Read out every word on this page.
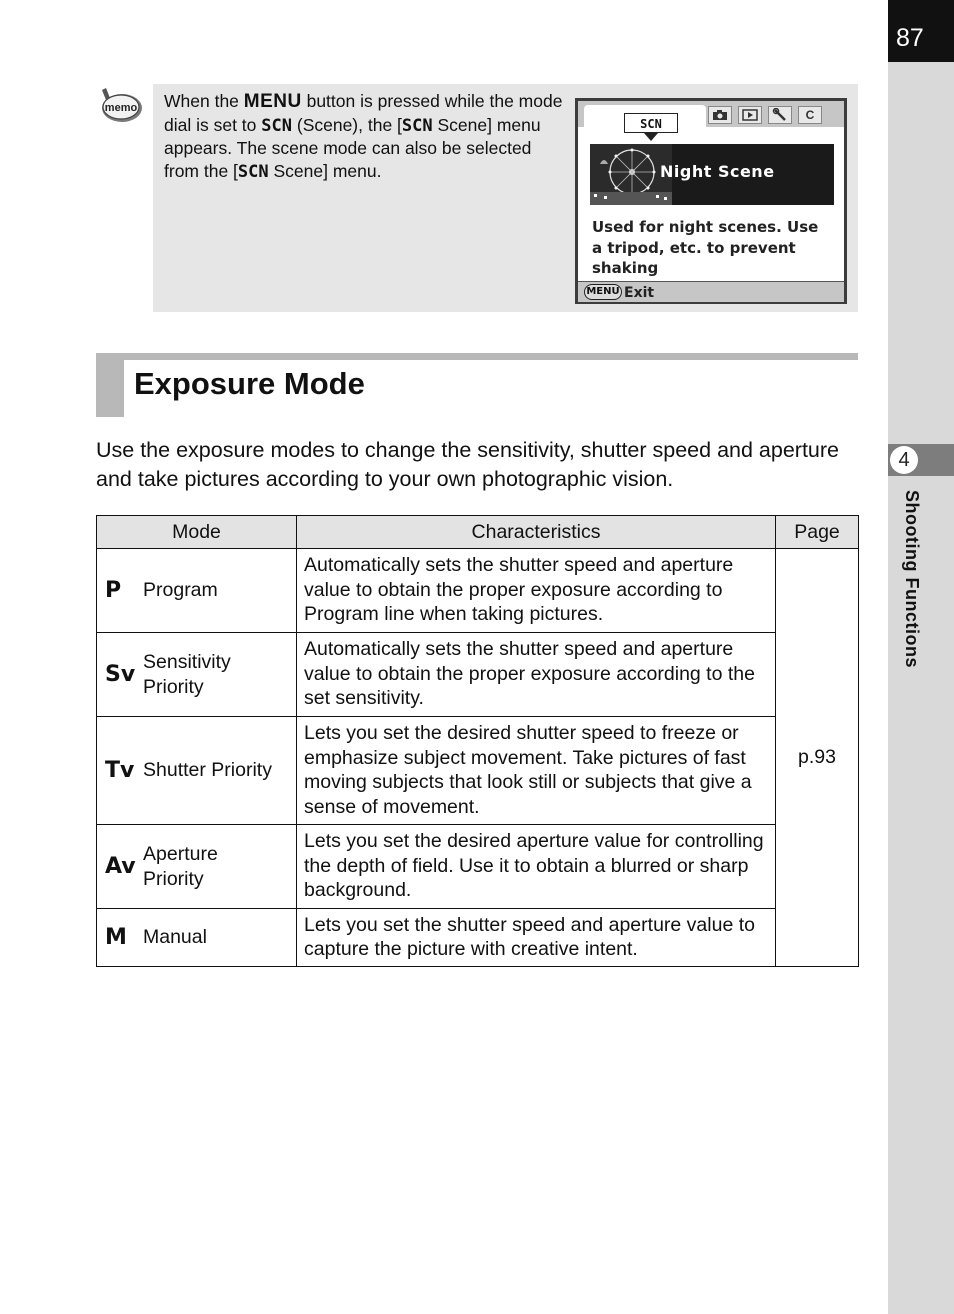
87
4
Shooting Functions
memo When the MENU button is pressed while the mode dial is set to SCN (Scene), the [SCN Scene] menu appears. The scene mode can also be selected from the [SCN Scene] menu.
SCN
C
Night Scene
Used for night scenes. Use a tripod, etc. to prevent shaking
MENU Exit
Exposure Mode
Use the exposure modes to change the sensitivity, shutter speed and aperture and take pictures according to your own photographic vision.
Mode	Characteristics	Page

P Program	Automatically sets the shutter speed and aperture value to obtain the proper exposure according to Program line when taking pictures.	p.93

Sv Sensitivity Priority	Automatically sets the shutter speed and aperture value to obtain the proper exposure according to the set sensitivity.	

Tv Shutter Priority	Lets you set the desired shutter speed to freeze or emphasize subject movement. Take pictures of fast moving subjects that look still or subjects that give a sense of movement.	

Av Aperture Priority	Lets you set the desired aperture value for controlling the depth of field. Use it to obtain a blurred or sharp background.	

M Manual	Lets you set the shutter speed and aperture value to capture the picture with creative intent.	
